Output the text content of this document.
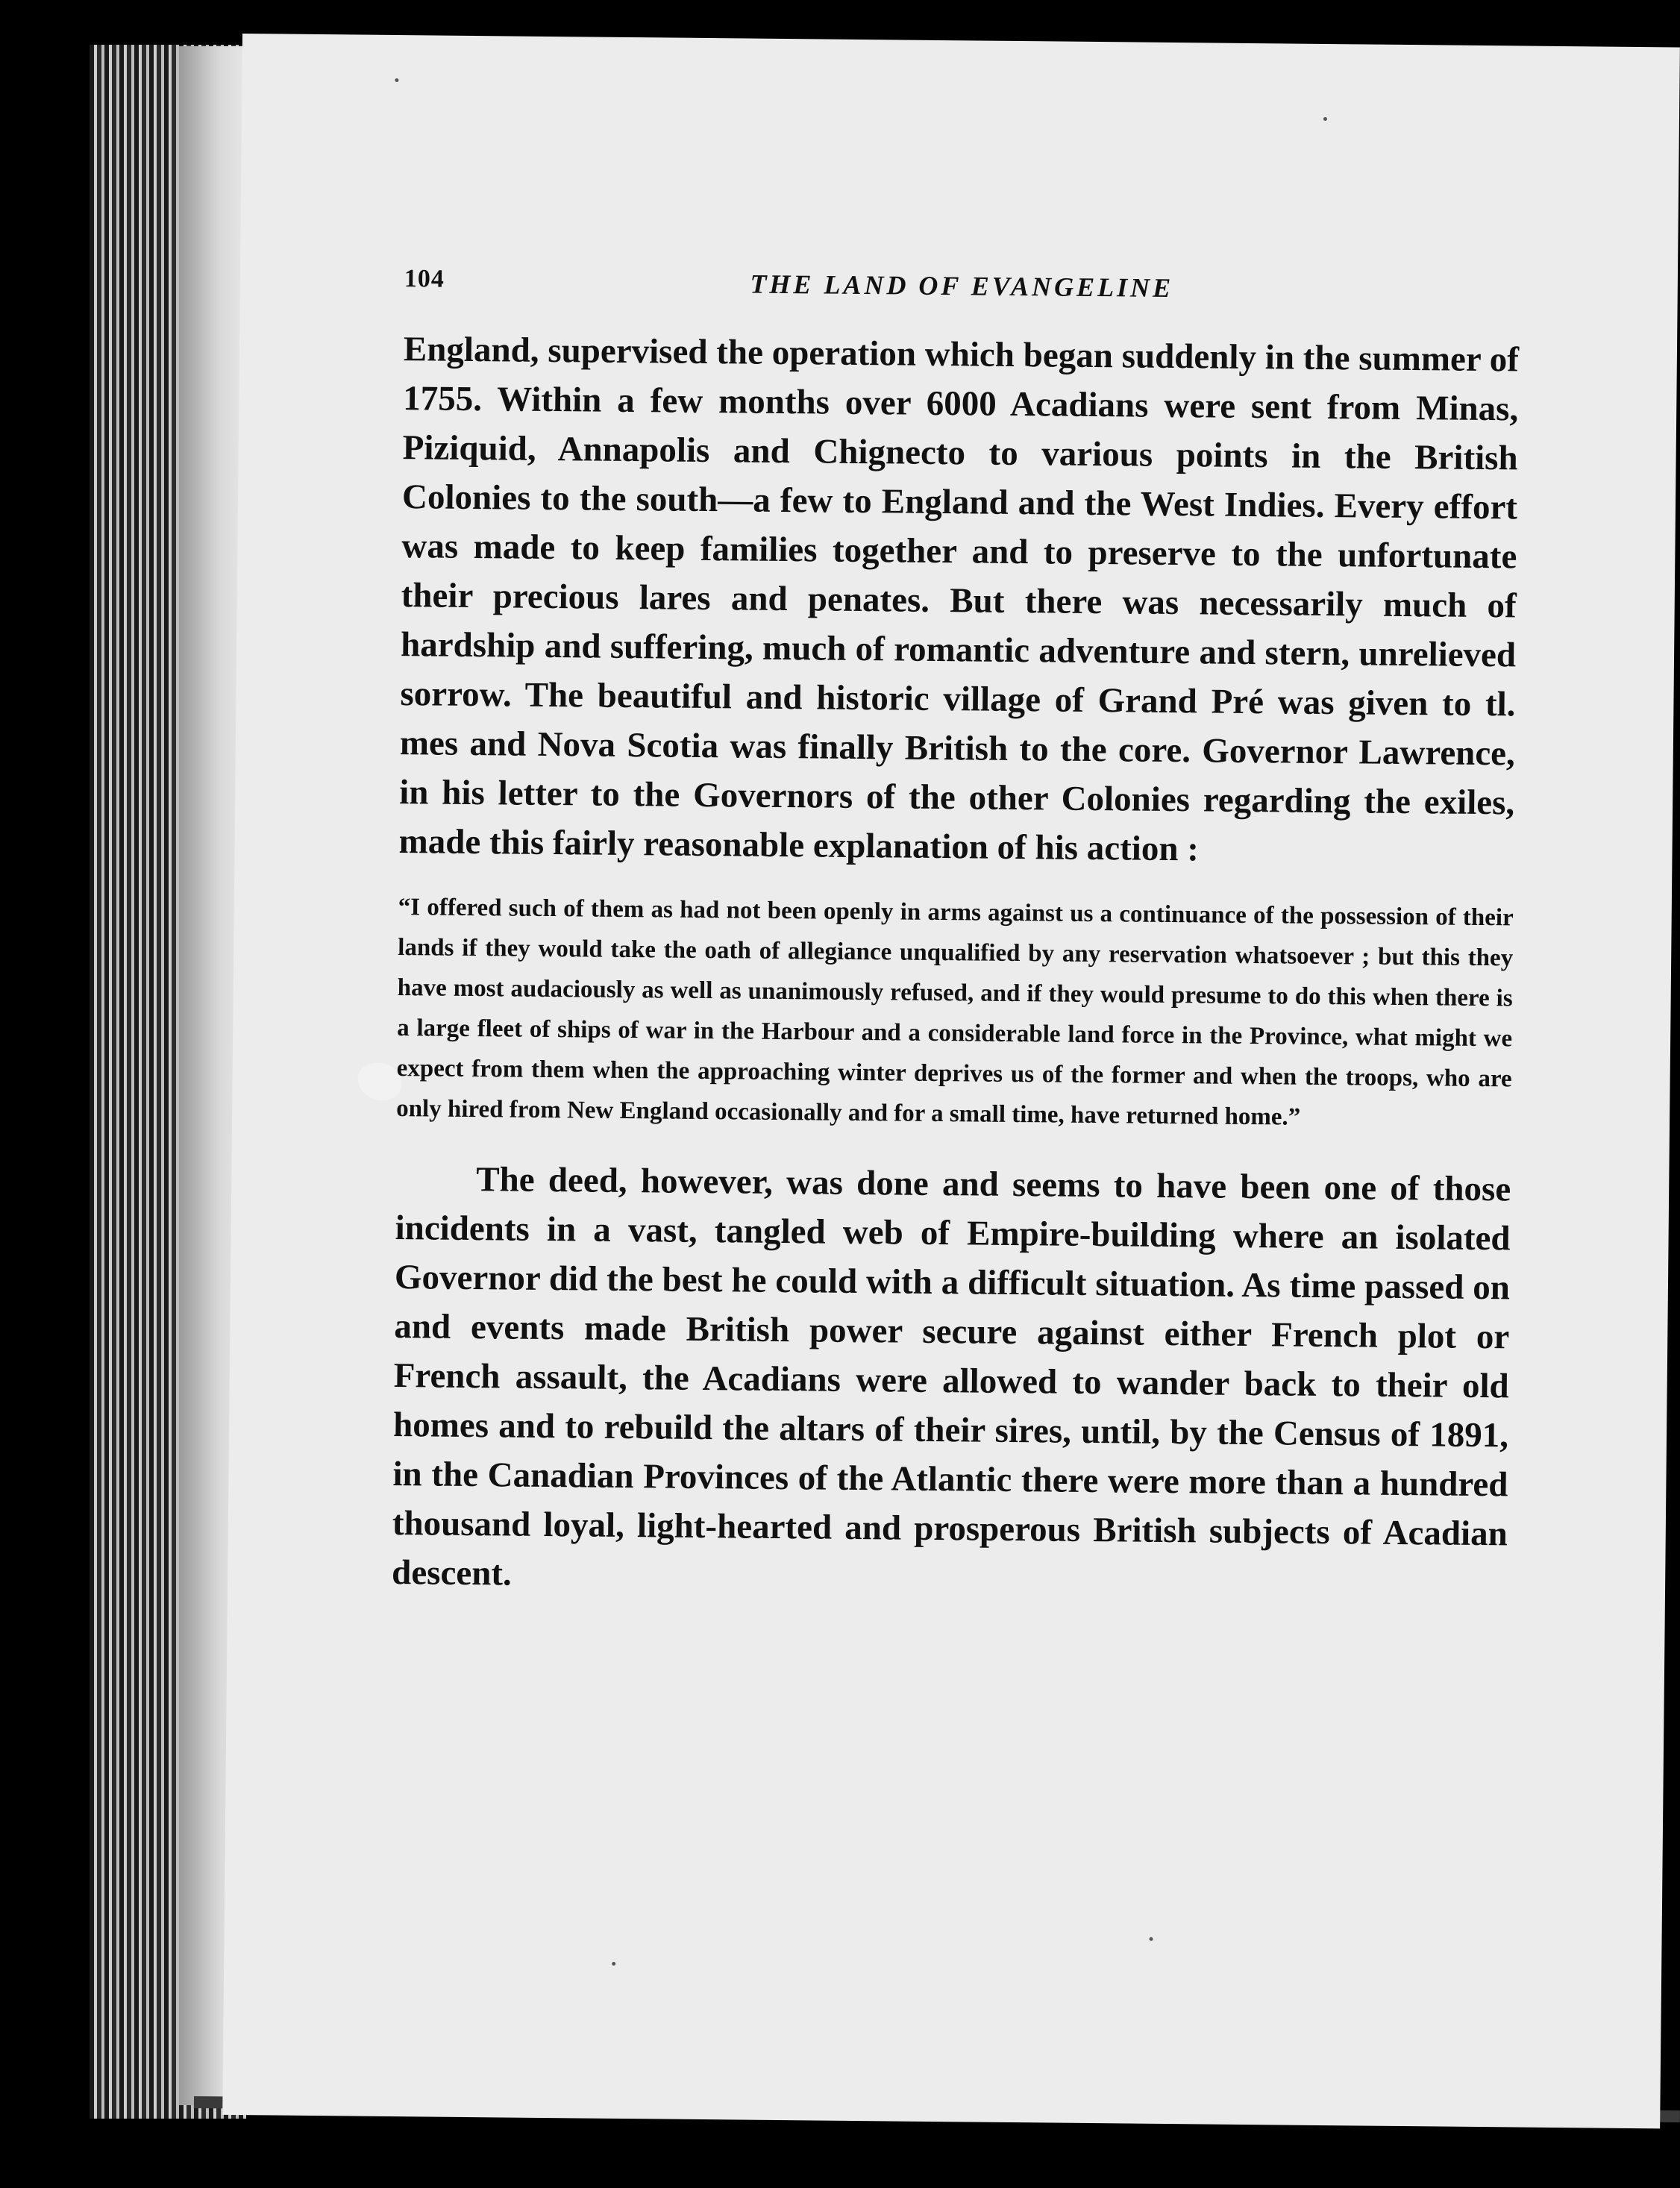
104	THE LAND OF EVANGELINE

England, supervised the operation which began suddenly in the summer of 1755. Within a few months over 6000 Acadians were sent from Minas, Piziquid, Annapolis and Chignecto to various points in the British Colonies to the south—a few to England and the West Indies. Every effort was made to keep families together and to preserve to the unfortunate their precious lares and penates. But there was necessarily much of hardship and suffering, much of romantic adventure and stern, unrelieved sorrow. The beautiful and historic village of Grand Pré was given to tl. mes and Nova Scotia was finally British to the core. Governor Lawrence, in his letter to the Governors of the other Colonies regarding the exiles, made this fairly reasonable explanation of his action :

“I offered such of them as had not been openly in arms against us a continuance of the possession of their lands if they would take the oath of allegiance unqualified by any reservation whatsoever ; but this they have most audaciously as well as unanimously refused, and if they would presume to do this when there is a large fleet of ships of war in the Harbour and a considerable land force in the Province, what might we expect from them when the approaching winter deprives us of the former and when the troops, who are only hired from New England occasionally and for a small time, have returned home.”

The deed, however, was done and seems to have been one of those incidents in a vast, tangled web of Empire-building where an isolated Governor did the best he could with a difficult situation. As time passed on and events made British power secure against either French plot or French assault, the Acadians were allowed to wander back to their old homes and to rebuild the altars of their sires, until, by the Census of 1891, in the Canadian Provinces of the Atlantic there were more than a hundred thousand loyal, light-hearted and prosperous British subjects of Acadian descent.
